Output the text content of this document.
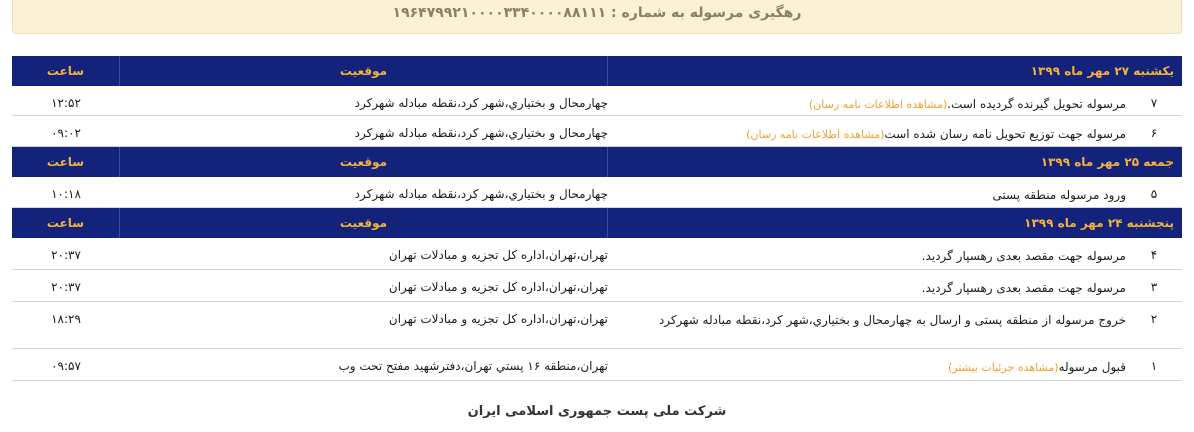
رهگیری مرسوله به شماره : ۱۹۶۴۷۹۹۲۱۰۰۰۰۳۳۴۰۰۰۰۸۸۱۱۱
یکشنبه ۲۷ مهر ماه ۱۳۹۹
موقعیت
ساعت
۷
مرسوله تحویل گیرنده گردیده است.(مشاهده اطلاعات نامه رسان)
چهارمحال و بختياري،شهر كرد،نقطه مبادله شهركرد
۱۲:۵۲
۶
مرسوله جهت توزیع تحویل نامه رسان شده است(مشاهده اطلاعات نامه رسان)
چهارمحال و بختياري،شهر كرد،نقطه مبادله شهركرد
۰۹:۰۲
جمعه ۲۵ مهر ماه ۱۳۹۹
موقعیت
ساعت
۵
ورود مرسوله منطقه پستی
چهارمحال و بختياري،شهر كرد،نقطه مبادله شهركرد
۱۰:۱۸
پنجشنبه ۲۴ مهر ماه ۱۳۹۹
موقعیت
ساعت
۴
مرسوله جهت مقصد بعدی رهسپار گردید.
تهران،تهران،اداره كل تجزيه و مبادلات تهران
۲۰:۳۷
۳
مرسوله جهت مقصد بعدی رهسپار گردید.
تهران،تهران،اداره كل تجزيه و مبادلات تهران
۲۰:۳۷
۲
خروج مرسوله از منطقه پستی و ارسال به چهارمحال و بختياري،شهر كرد،نقطه مبادله شهركرد
تهران،تهران،اداره كل تجزيه و مبادلات تهران
۱۸:۲۹
۱
قبول مرسوله(مشاهده جزئیات بیشتر)
تهران،منطقه ۱۶ پستي تهران،دفترشهيد مفتح تحت وب
۰۹:۵۷
شرکت ملی پست جمهوری اسلامی ایران
